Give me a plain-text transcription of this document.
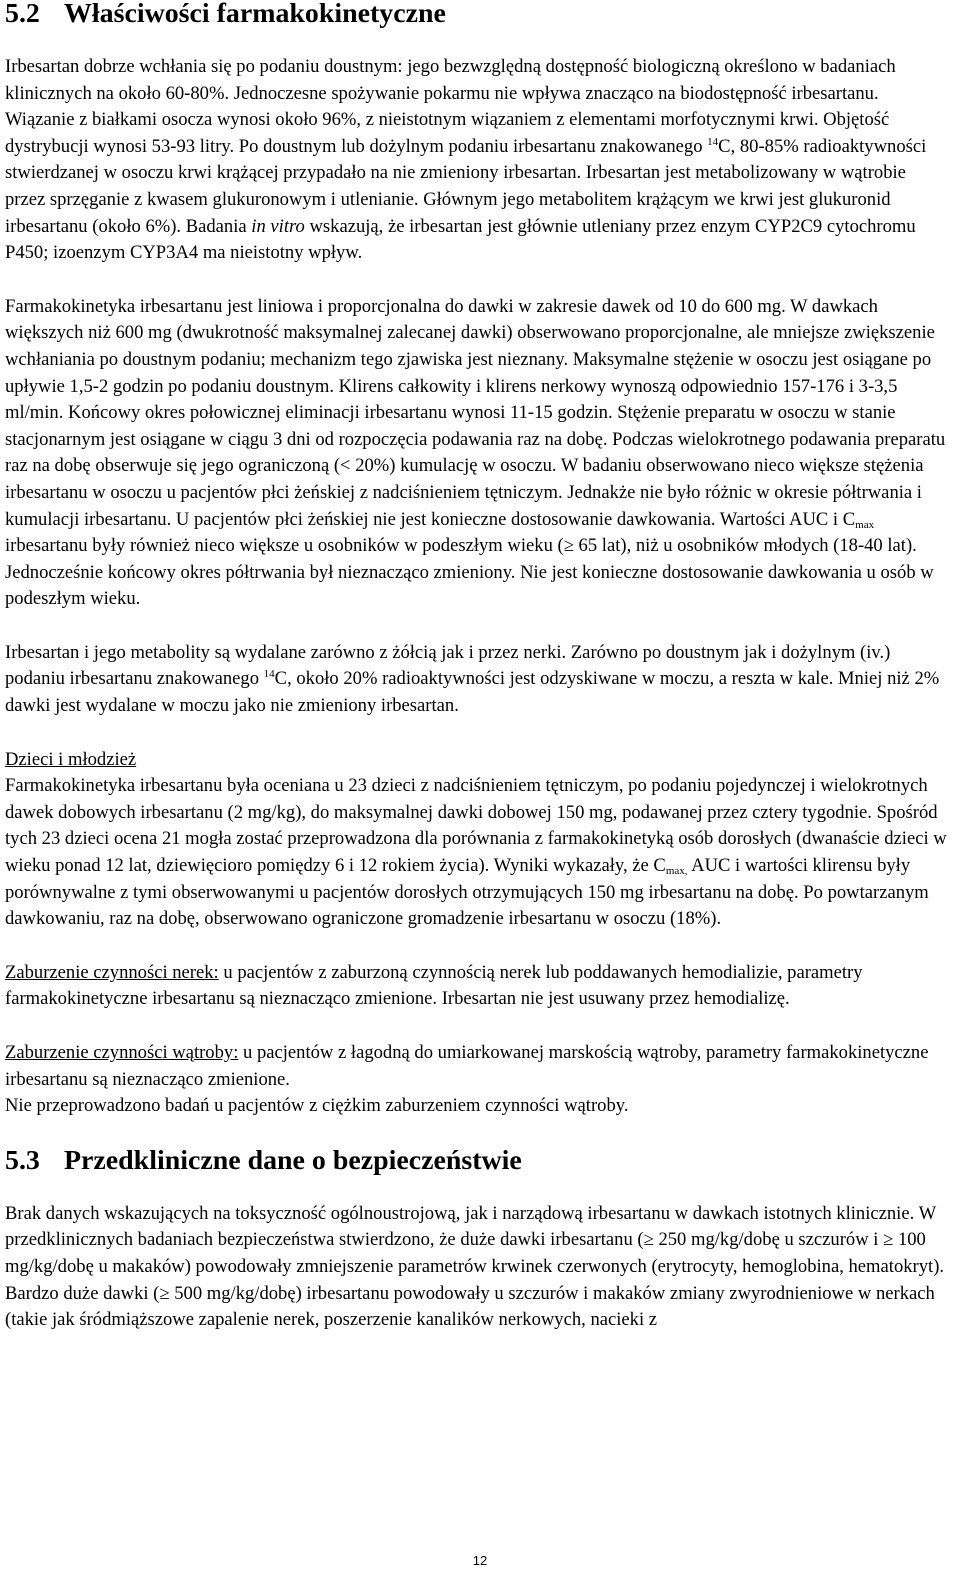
5.2 Właściwości farmakokinetyczne

Irbesartan dobrze wchłania się po podaniu doustnym: jego bezwzględną dostępność biologiczną określono w badaniach klinicznych na około 60-80%. Jednoczesne spożywanie pokarmu nie wpływa znacząco na biodostępność irbesartanu. Wiązanie z białkami osocza wynosi około 96%, z nieistotnym wiązaniem z elementami morfotycznymi krwi. Objętość dystrybucji wynosi 53-93 litry. Po doustnym lub dożylnym podaniu irbesartanu znakowanego $^{14}$C, 80-85% radioaktywności stwierdzanej w osoczu krwi krążącej przypadało na nie zmieniony irbesartan. Irbesartan jest metabolizowany w wątrobie przez sprzęganie z kwasem glukuronowym i utlenianie. Głównym jego metabolitem krążącym we krwi jest glukuronid irbesartanu (około 6%). Badania in vitro wskazują, że irbesartan jest głównie utleniany przez enzym CYP2C9 cytochromu P450; izoenzym CYP3A4 ma nieistotny wpływ.

Farmakokinetyka irbesartanu jest liniowa i proporcjonalna do dawki w zakresie dawek od 10 do 600 mg. W dawkach większych niż 600 mg (dwukrotność maksymalnej zalecanej dawki) obserwowano proporcjonalne, ale mniejsze zwiększenie wchłaniania po doustnym podaniu; mechanizm tego zjawiska jest nieznany. Maksymalne stężenie w osoczu jest osiągane po upływie 1,5-2 godzin po podaniu doustnym. Klirens całkowity i klirens nerkowy wynoszą odpowiednio 157-176 i 3-3,5 ml/min. Końcowy okres połowicznej eliminacji irbesartanu wynosi 11-15 godzin. Stężenie preparatu w osoczu w stanie stacjonarnym jest osiągane w ciągu 3 dni od rozpoczęcia podawania raz na dobę. Podczas wielokrotnego podawania preparatu raz na dobę obserwuje się jego ograniczoną (< 20%) kumulację w osoczu. W badaniu obserwowano nieco większe stężenia irbesartanu w osoczu u pacjentów płci żeńskiej z nadciśnieniem tętniczym. Jednakże nie było różnic w okresie półtrwania i kumulacji irbesartanu. U pacjentów płci żeńskiej nie jest konieczne dostosowanie dawkowania. Wartości AUC i $C_{max}$ irbesartanu były również nieco większe u osobników w podeszłym wieku (≥ 65 lat), niż u osobników młodych (18-40 lat). Jednocześnie końcowy okres półtrwania był nieznacząco zmieniony. Nie jest konieczne dostosowanie dawkowania u osób w podeszłym wieku.

Irbesartan i jego metabolity są wydalane zarówno z żółcią jak i przez nerki. Zarówno po doustnym jak i dożylnym (iv.) podaniu irbesartanu znakowanego $^{14}$C, około 20% radioaktywności jest odzyskiwane w moczu, a reszta w kale. Mniej niż 2% dawki jest wydalane w moczu jako nie zmieniony irbesartan.

Dzieci i młodzież

Farmakokinetyka irbesartanu była oceniana u 23 dzieci z nadciśnieniem tętniczym, po podaniu pojedynczej i wielokrotnych dawek dobowych irbesartanu (2 mg/kg), do maksymalnej dawki dobowej 150 mg, podawanej przez cztery tygodnie. Spośród tych 23 dzieci ocena 21 mogła zostać przeprowadzona dla porównania z farmakokinetyką osób dorosłych (dwanaście dzieci w wieku ponad 12 lat, dziewięcioro pomiędzy 6 i 12 rokiem życia). Wyniki wykazały, że $C_{max,}$ AUC i wartości klirensu były porównywalne z tymi obserwowanymi u pacjentów dorosłych otrzymujących 150 mg irbesartanu na dobę. Po powtarzanym dawkowaniu, raz na dobę, obserwowano ograniczone gromadzenie irbesartanu w osoczu (18%).

Zaburzenie czynności nerek: u pacjentów z zaburzoną czynnością nerek lub poddawanych hemodializie, parametry farmakokinetyczne irbesartanu są nieznacząco zmienione. Irbesartan nie jest usuwany przez hemodializę.

Zaburzenie czynności wątroby: u pacjentów z łagodną do umiarkowanej marskością wątroby, parametry farmakokinetyczne irbesartanu są nieznacząco zmienione.

Nie przeprowadzono badań u pacjentów z ciężkim zaburzeniem czynności wątroby.

5.3 Przedkliniczne dane o bezpieczeństwie

Brak danych wskazujących na toksyczność ogólnoustrojową, jak i narządową irbesartanu w dawkach istotnych klinicznie. W przedklinicznych badaniach bezpieczeństwa stwierdzono, że duże dawki irbesartanu (≥ 250 mg/kg/dobę u szczurów i ≥ 100 mg/kg/dobę u makaków) powodowały zmniejszenie parametrów krwinek czerwonych (erytrocyty, hemoglobina, hematokryt). Bardzo duże dawki (≥ 500 mg/kg/dobę) irbesartanu powodowały u szczurów i makaków zmiany zwyrodnieniowe w nerkach (takie jak śródmiąższowe zapalenie nerek, poszerzenie kanalików nerkowych, nacieki z

12
